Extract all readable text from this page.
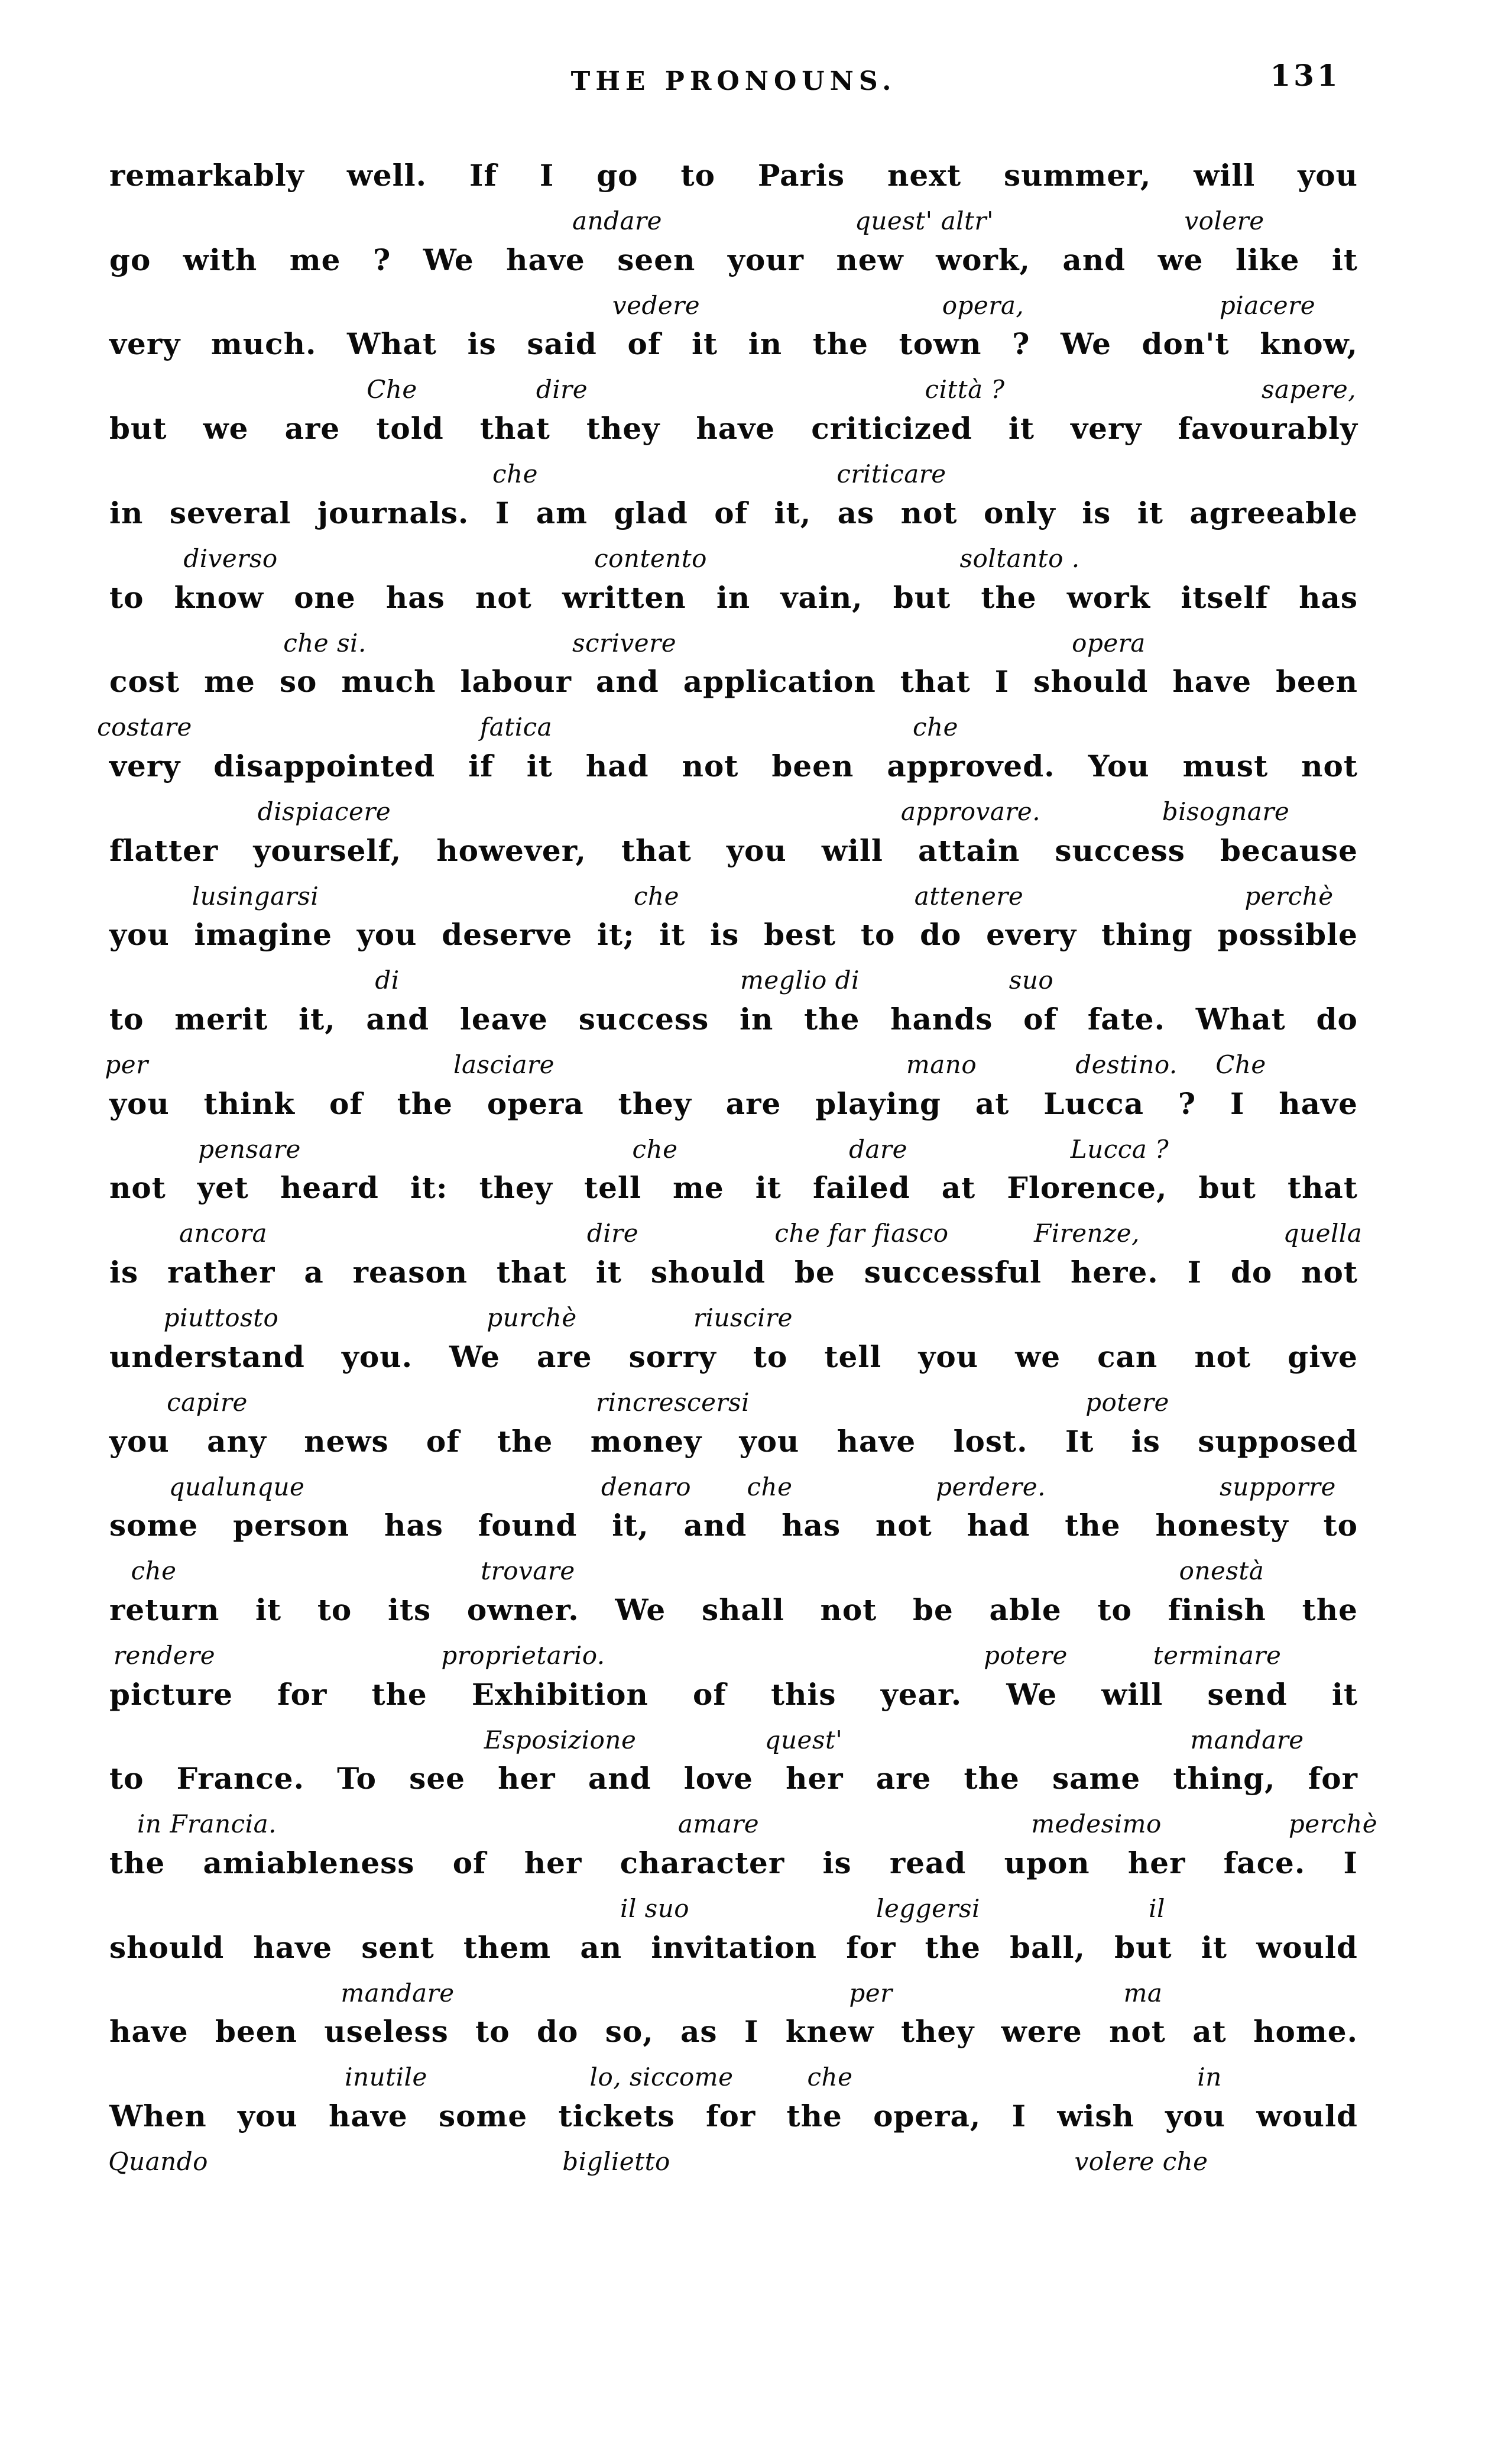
THE PRONOUNS.	131
remarkably well. If I go to Paris next summer, will you
andare	quest' altr'	volere
go with me ? We have seen your new work, and we like it
vedere	opera,	piacere
very much. What is said of it in the town ? We don't know,
Che	dire	città ?	sapere,
but we are told that they have criticized it very favourably
che	criticare
in several journals. I am glad of it, as not only is it agreeable
diverso	contento	soltanto .
to know one has not written in vain, but the work itself has
che si.	scrivere	opera
cost me so much labour and application that I should have been
costare	fatica	che
very disappointed if it had not been approved. You must not
dispiacere	approvare.	bisognare
flatter yourself, however, that you will attain success because
lusingarsi	che	attenere	perchè
you imagine you deserve it; it is best to do every thing possible
di	meglio di	suo
to merit it, and leave success in the hands of fate. What do
per	lasciare	mano	destino. Che
you think of the opera they are playing at Lucca ? I have
pensare	che	dare	Lucca ?
not yet heard it: they tell me it failed at Florence, but that
ancora	dire	che far fiasco	Firenze,	quella
is rather a reason that it should be successful here. I do not
piuttosto	purchè	riuscire
understand you. We are sorry to tell you we can not give
capire	rincrescersi	potere
you any news of the money you have lost. It is supposed
qualunque	denaro che	perdere.	supporre
some person has found it, and has not had the honesty to
che	trovare	onestà
return it to its owner. We shall not be able to finish the
rendere	proprietario.	potere	terminare
picture for the Exhibition of this year. We will send it
Esposizione	quest'	mandare
to France. To see her and love her are the same thing, for
in Francia.	amare	medesimo	perchè
the amiableness of her character is read upon her face. I
il suo	leggersi	il
should have sent them an invitation for the ball, but it would
mandare	per	ma
have been useless to do so, as I knew they were not at home.
inutile	lo, siccome	che	in
When you have some tickets for the opera, I wish you would
Quando	biglietto	volere che
